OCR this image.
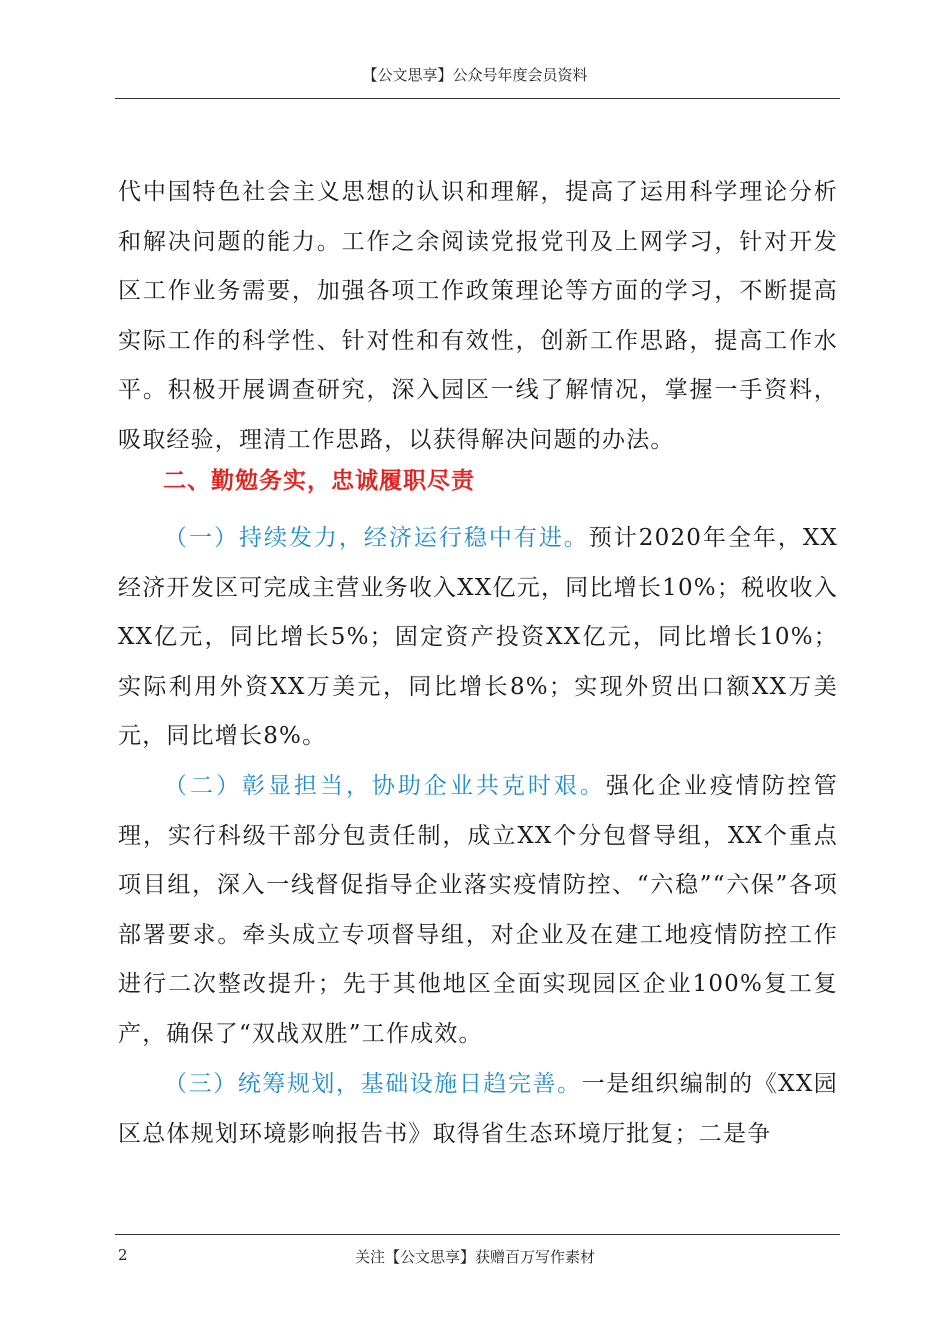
【公文思享】公众号年度会员资料

代中国特色社会主义思想的认识和理解，提高了运用科学理论分析和解决问题的能力。工作之余阅读党报党刊及上网学习，针对开发区工作业务需要，加强各项工作政策理论等方面的学习，不断提高实际工作的科学性、针对性和有效性，创新工作思路，提高工作水平。积极开展调查研究，深入园区一线了解情况，掌握一手资料，吸取经验，理清工作思路，以获得解决问题的办法。

二、勤勉务实，忠诚履职尽责

（一）持续发力，经济运行稳中有进。预计2020年全年，XX经济开发区可完成主营业务收入XX亿元，同比增长10%；税收收入XX亿元，同比增长5%；固定资产投资XX亿元，同比增长10%；实际利用外资XX万美元，同比增长8%；实现外贸出口额XX万美元，同比增长8%。

（二）彰显担当，协助企业共克时艰。强化企业疫情防控管理，实行科级干部分包责任制，成立XX个分包督导组，XX个重点项目组，深入一线督促指导企业落实疫情防控、“六稳”“六保”各项部署要求。牵头成立专项督导组，对企业及在建工地疫情防控工作进行二次整改提升；先于其他地区全面实现园区企业100%复工复产，确保了“双战双胜”工作成效。

（三）统筹规划，基础设施日趋完善。一是组织编制的《XX园区总体规划环境影响报告书》取得省生态环境厅批复；二是争

2	关注【公文思享】获赠百万写作素材
